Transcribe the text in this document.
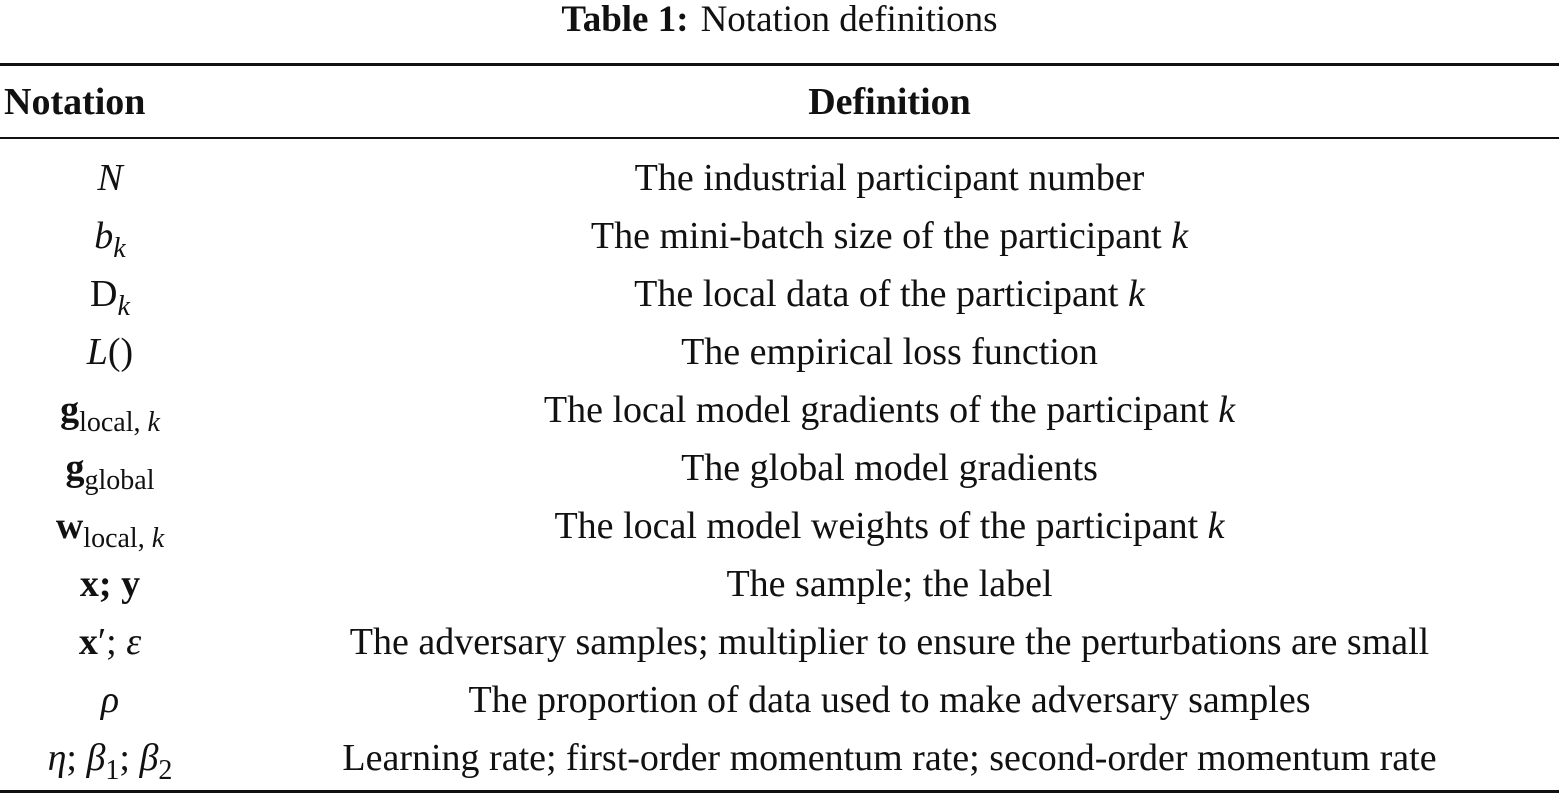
Table 1: Notation definitions
Notation	Definition
N	The industrial participant number
$b_k$	The mini-batch size of the participant k
$D_k$	The local data of the participant k
L()	The empirical loss function
$g_{local,}$ $_k$	The local model gradients of the participant k
$g_{global}$	The global model gradients
$w_{local,}$ $_k$	The local model weights of the participant k
x; y	The sample; the label
x′; ε	The adversary samples; multiplier to ensure the perturbations are small
ρ	The proportion of data used to make adversary samples
η; $\beta_1$; $\beta_2$	Learning rate; first-order momentum rate; second-order momentum rate
